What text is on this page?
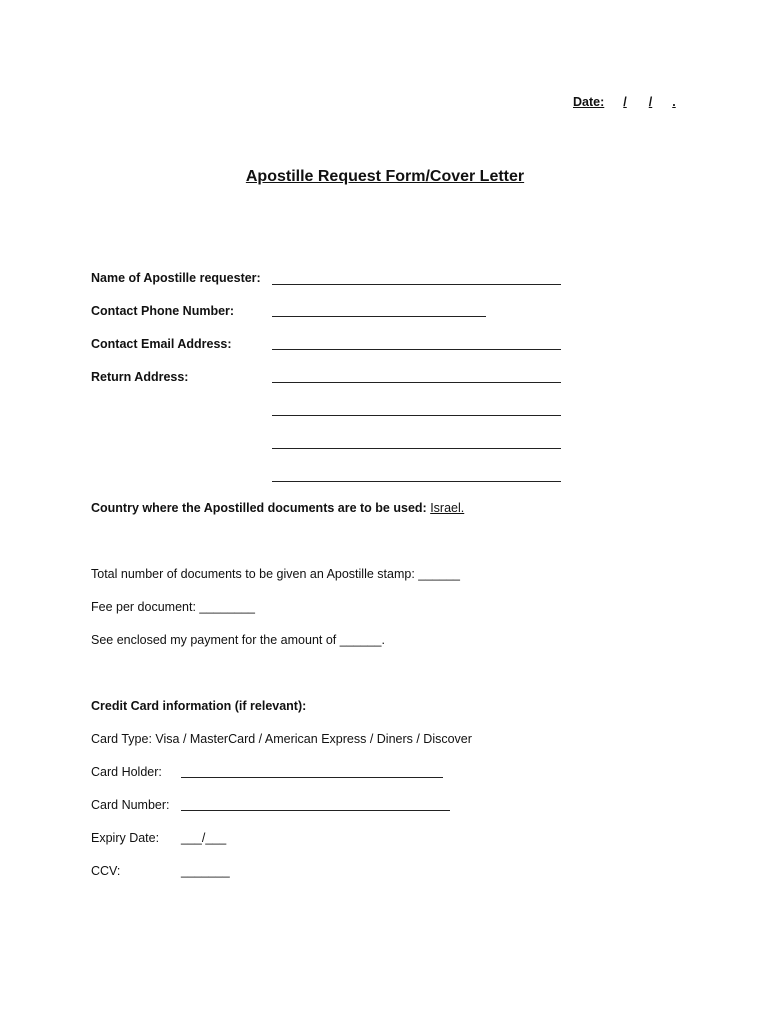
Date: / / .
Apostille Request Form/Cover Letter
Name of Apostille requester:
Contact Phone Number:
Contact Email Address:
Return Address:
Country where the Apostilled documents are to be used: Israel.
Total number of documents to be given an Apostille stamp: ______
Fee per document: ________
See enclosed my payment for the amount of ______.
Credit Card information (if relevant):
Card Type: Visa / MasterCard / American Express / Diners / Discover
Card Holder:
Card Number:
Expiry Date: ___/___
CCV:	_______
